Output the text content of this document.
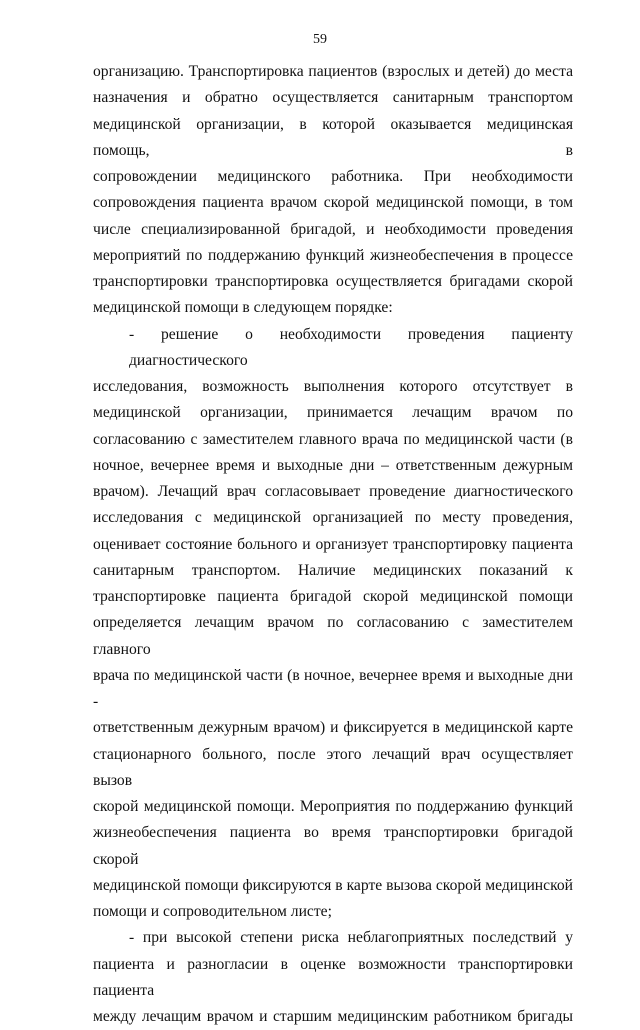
59

организацию. Транспортировка пациентов (взрослых и детей) до места
назначения и обратно осуществляется санитарным транспортом
медицинской организации, в которой оказывается медицинская помощь, в
сопровождении медицинского работника. При необходимости
сопровождения пациента врачом скорой медицинской помощи, в том
числе специализированной бригадой, и необходимости проведения
мероприятий по поддержанию функций жизнеобеспечения в процессе
транспортировки транспортировка осуществляется бригадами скорой
медицинской помощи в следующем порядке:

- решение о необходимости проведения пациенту диагностического
исследования, возможность выполнения которого отсутствует в
медицинской организации, принимается лечащим врачом по
согласованию с заместителем главного врача по медицинской части (в
ночное, вечернее время и выходные дни – ответственным дежурным
врачом). Лечащий врач согласовывает проведение диагностического
исследования с медицинской организацией по месту проведения,
оценивает состояние больного и организует транспортировку пациента
санитарным транспортом. Наличие медицинских показаний к
транспортировке пациента бригадой скорой медицинской помощи
определяется лечащим врачом по согласованию с заместителем главного
врача по медицинской части (в ночное, вечернее время и выходные дни -
ответственным дежурным врачом) и фиксируется в медицинской карте
стационарного больного, после этого лечащий врач осуществляет вызов
скорой медицинской помощи. Мероприятия по поддержанию функций
жизнеобеспечения пациента во время транспортировки бригадой скорой
медицинской помощи фиксируются в карте вызова скорой медицинской
помощи и сопроводительном листе;

- при высокой степени риска неблагоприятных последствий у
пациента и разногласии в оценке возможности транспортировки пациента
между лечащим врачом и старшим медицинским работником бригады
